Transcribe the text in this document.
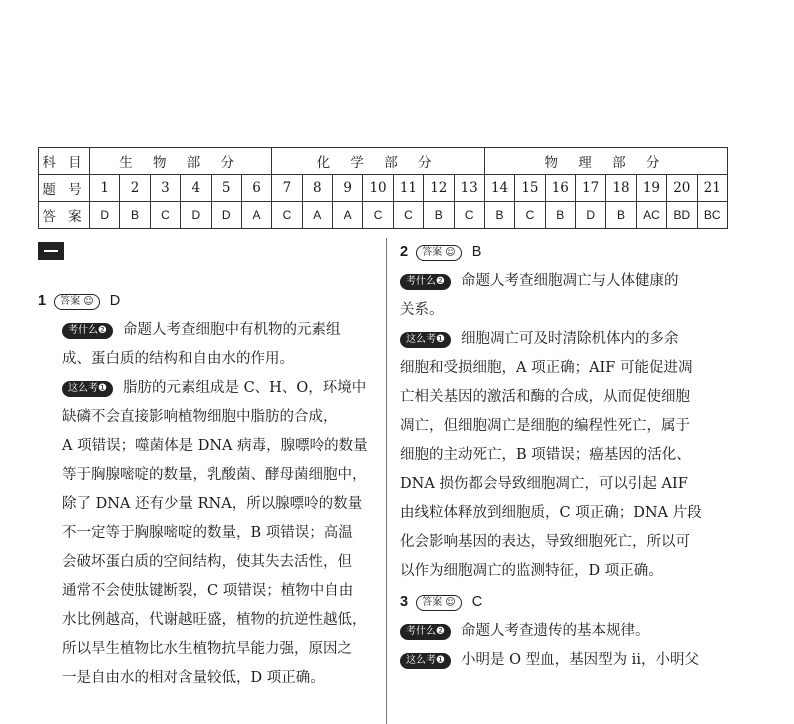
科 目	生 物 部 分						化 学 部 分							物 理 部 分							
题 号	1	2	3	4	5	6	7	8	9	10	11	12	13	14	15	16	17	18	19	20	21
答 案	D	B	C	D	D	A	C	A	A	C	C	B	C	B	C	B	D	B	AC	BD	BC

1 答案 ☺ D

考什么❷ 命题人考查细胞中有机物的元素组

成、蛋白质的结构和自由水的作用。

这么考❶ 脂肪的元素组成是 C、H、O，环境中

缺磷不会直接影响植物细胞中脂肪的合成，

A 项错误；噬菌体是 DNA 病毒，腺嘌呤的数量

等于胸腺嘧啶的数量，乳酸菌、酵母菌细胞中，

除了 DNA 还有少量 RNA，所以腺嘌呤的数量

不一定等于胸腺嘧啶的数量，B 项错误；高温

会破坏蛋白质的空间结构，使其失去活性，但

通常不会使肽键断裂，C 项错误；植物中自由

水比例越高，代谢越旺盛，植物的抗逆性越低，

所以旱生植物比水生植物抗旱能力强，原因之

一是自由水的相对含量较低，D 项正确。

2 答案 ☺ B

考什么❷ 命题人考查细胞凋亡与人体健康的

关系。

这么考❶ 细胞凋亡可及时清除机体内的多余

细胞和受损细胞，A 项正确；AIF 可能促进凋

亡相关基因的激活和酶的合成，从而促使细胞

凋亡，但细胞凋亡是细胞的编程性死亡，属于

细胞的主动死亡，B 项错误；癌基因的活化、

DNA 损伤都会导致细胞凋亡，可以引起 AIF

由线粒体释放到细胞质，C 项正确；DNA 片段

化会影响基因的表达，导致细胞死亡，所以可

以作为细胞凋亡的监测特征，D 项正确。

3 答案 ☺ C

考什么❷ 命题人考查遗传的基本规律。

这么考❶ 小明是 O 型血，基因型为 ii，小明父
